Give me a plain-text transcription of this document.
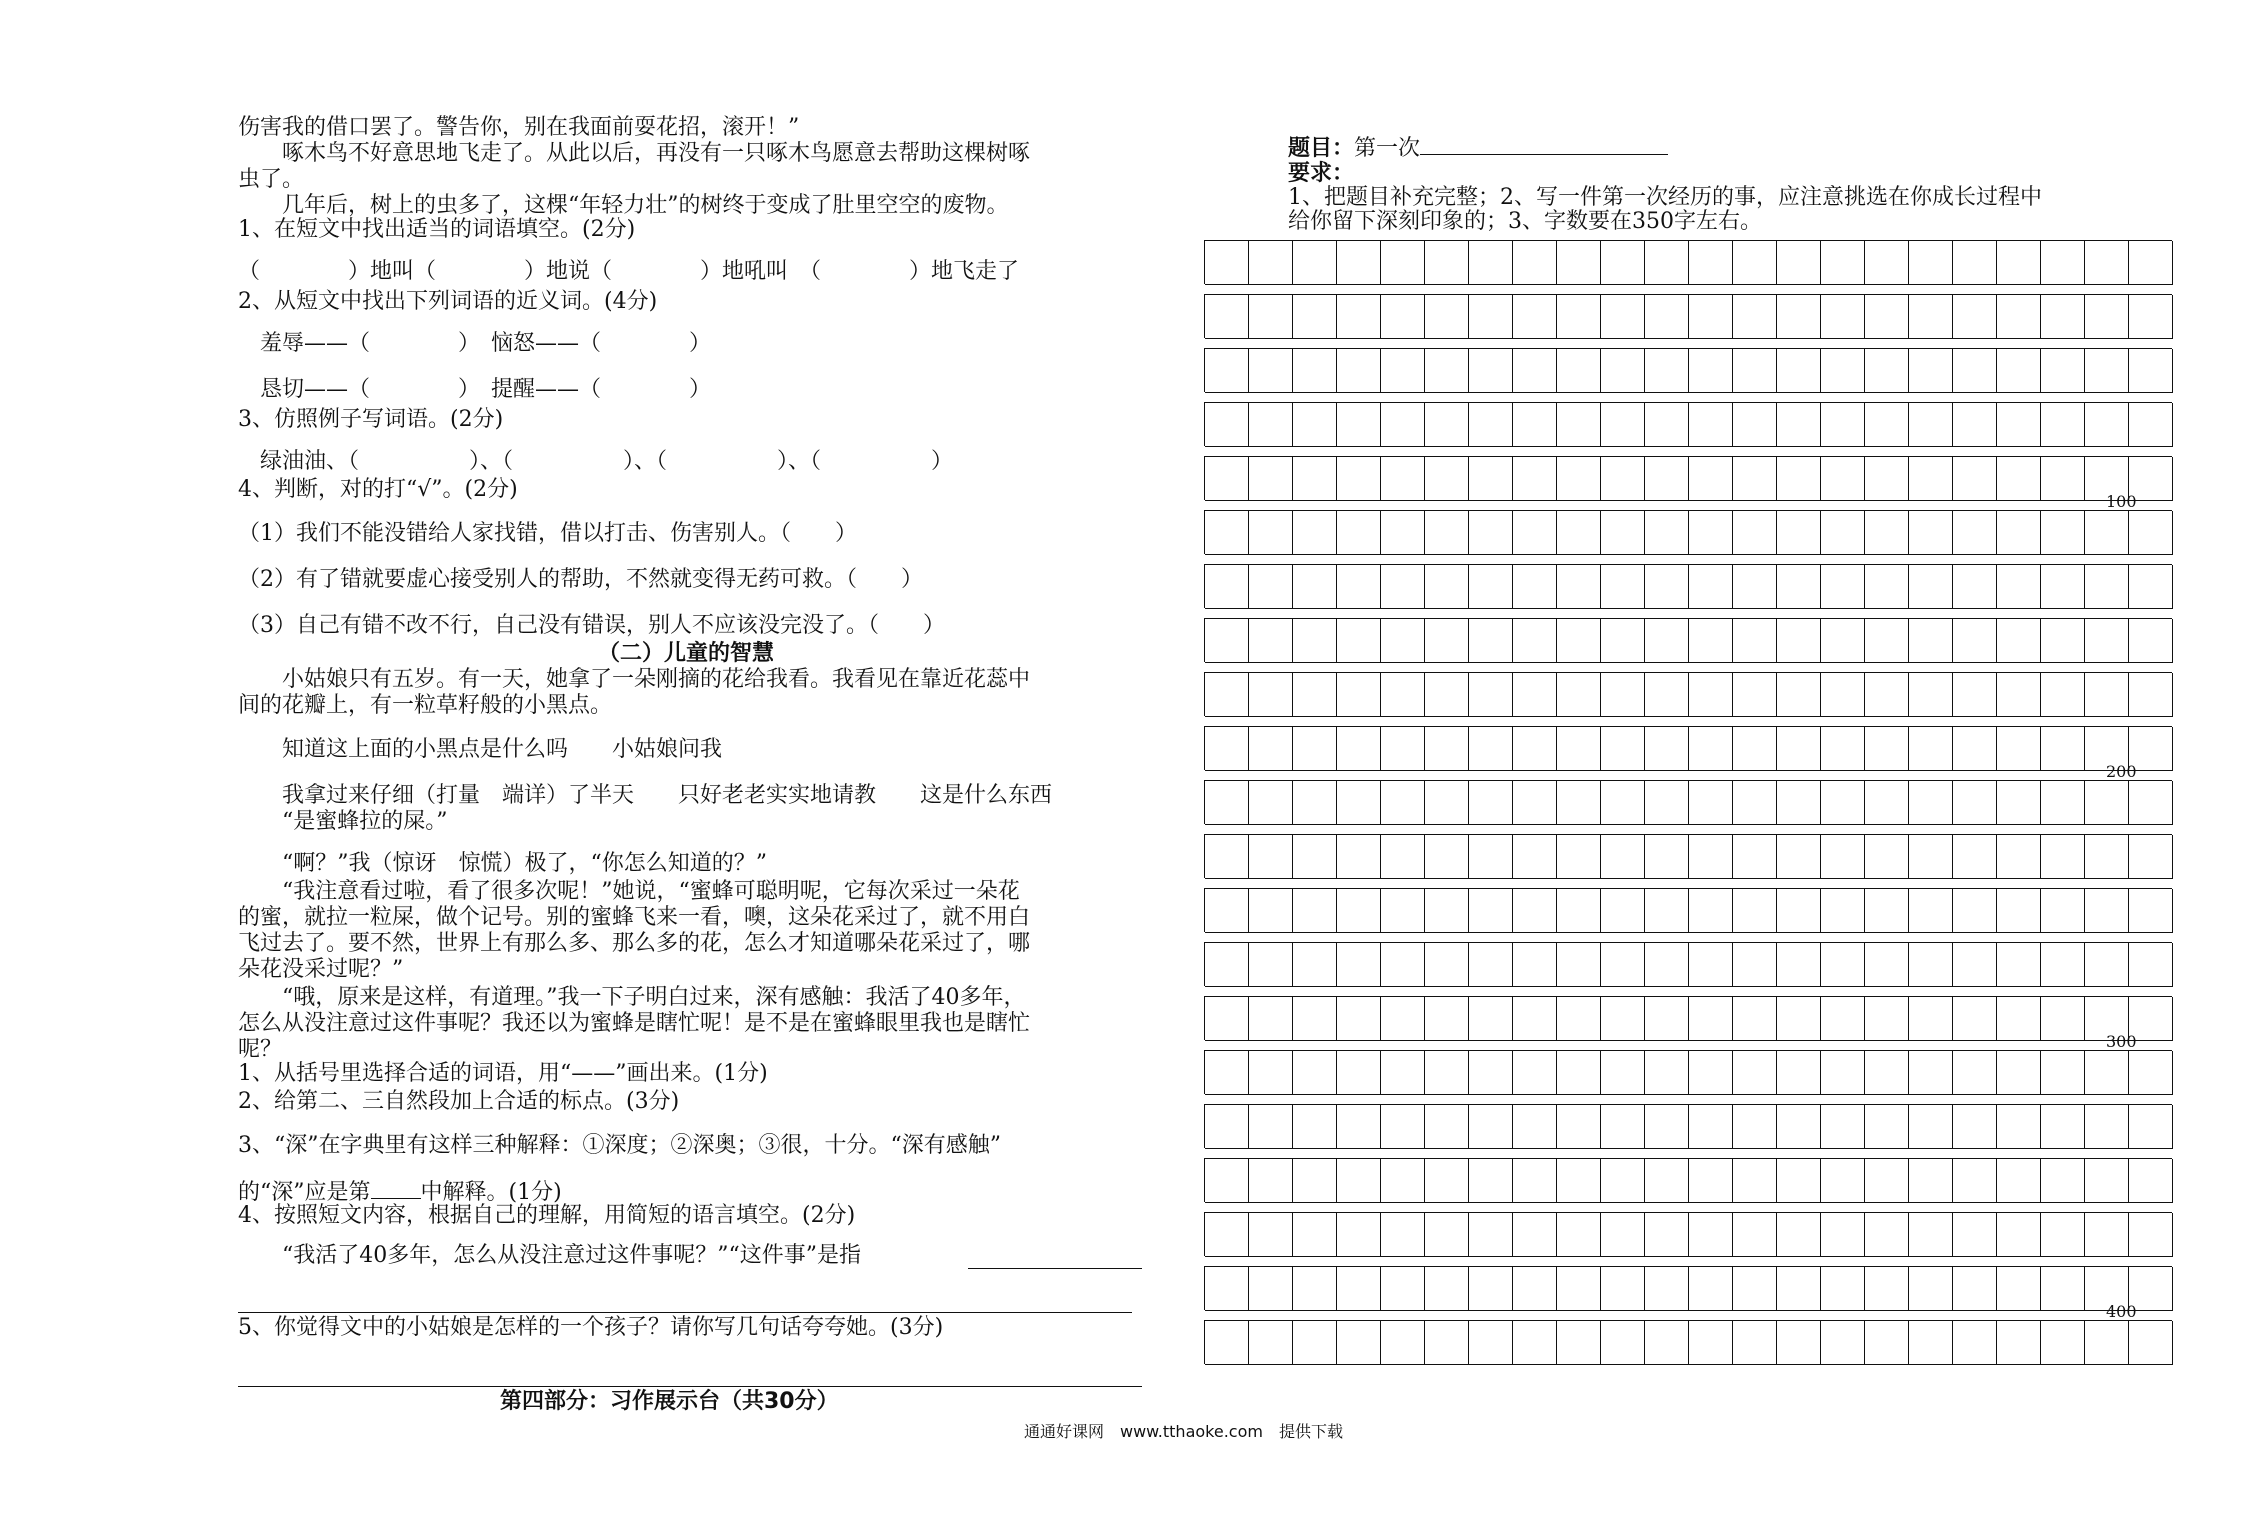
伤害我的借口罢了。警告你，别在我面前耍花招，滚开！”
　　啄木鸟不好意思地飞走了。从此以后，再没有一只啄木鸟愿意去帮助这棵树啄
虫了。
　　几年后，树上的虫多了，这棵“年轻力壮”的树终于变成了肚里空空的废物。
1、在短文中找出适当的词语填空。(2分)
（　　　　）地叫（　　　　）地说（　　　　）地吼叫　（　　　　）地飞走了
2、从短文中找出下列词语的近义词。(4分)
　羞辱——（　　　　）　恼怒——（　　　　）
　恳切——（　　　　）　提醒——（　　　　）
3、仿照例子写词语。(2分)
　绿油油、（　　　　　）、（　　　　　）、（　　　　　）、（　　　　　）
4、判断，对的打“√”。(2分)
（1）我们不能没错给人家找错，借以打击、伤害别人。（　　）
（2）有了错就要虚心接受别人的帮助，不然就变得无药可救。（　　）
（3）自己有错不改不行，自己没有错误，别人不应该没完没了。（　　）
（二）儿童的智慧
　　小姑娘只有五岁。有一天，她拿了一朵刚摘的花给我看。我看见在靠近花蕊中
间的花瓣上，有一粒草籽般的小黑点。
　　知道这上面的小黑点是什么吗　　小姑娘问我
　　我拿过来仔细（打量　端详）了半天　　只好老老实实地请教　　这是什么东西
　　“是蜜蜂拉的屎。”
　　“啊？”我（惊讶　惊慌）极了，“你怎么知道的？”
　　“我注意看过啦，看了很多次呢！”她说，“蜜蜂可聪明呢，它每次采过一朵花
的蜜，就拉一粒屎，做个记号。别的蜜蜂飞来一看，噢，这朵花采过了，就不用白
飞过去了。要不然，世界上有那么多、那么多的花，怎么才知道哪朵花采过了，哪
朵花没采过呢？”
　　“哦，原来是这样，有道理。”我一下子明白过来，深有感触：我活了40多年，
怎么从没注意过这件事呢？我还以为蜜蜂是瞎忙呢！是不是在蜜蜂眼里我也是瞎忙
呢？
1、从括号里选择合适的词语，用“——”画出来。(1分)
2、给第二、三自然段加上合适的标点。(3分)
3、“深”在字典里有这样三种解释：①深度；②深奥；③很，十分。“深有感触”
的“深”应是第 中解释。(1分)
4、按照短文内容，根据自己的理解，用简短的语言填空。(2分)
　　“我活了40多年，怎么从没注意过这件事呢？”“这件事”是指
5、你觉得文中的小姑娘是怎样的一个孩子？请你写几句话夸夸她。(3分)
第四部分：习作展示台（共30分）
题目：第一次
要求：
1、把题目补充完整；2、写一件第一次经历的事，应注意挑选在你成长过程中
给你留下深刻印象的；3、字数要在350字左右。
100
200
300
400
通通好课网　www.tthaoke.com　提供下载
